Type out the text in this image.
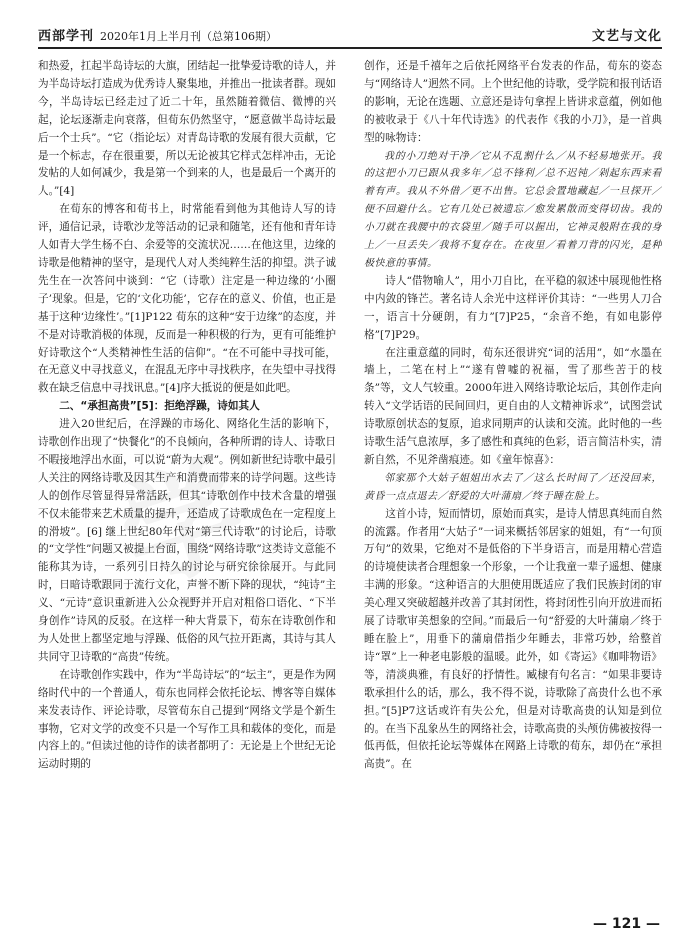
西部学刊 2020年1月上半月刊（总第106期）	文艺与文化

和热爱，扛起半岛诗坛的大旗，团结起一批挚爱诗歌的诗人，并为半岛诗坛打造成为优秀诗人聚集地，并推出一批读者群。现如今，半岛诗坛已经走过了近二十年，虽然随着微信、微博的兴起，论坛逐渐走向衰落，但荀东仍然坚守，“愿意做半岛诗坛最后一个士兵”。“它（指论坛）对青岛诗歌的发展有很大贡献，它是一个标志，存在很重要，所以无论被其它样式怎样冲击，无论发帖的人如何减少，我是第一个到来的人，也是最后一个离开的人。”[4]

在荀东的博客和荀书上，时常能看到他为其他诗人写的诗评，通信记录，诗歌沙龙等活动的记录和随笔，还有他和青年诗人如青大学生杨不白、余爱等的交流状况……在他这里，边缘的诗歌是他精神的坚守，是现代人对人类纯粹生活的抑望。洪子诚先生在一次答问中谈到：“它（诗歌）注定是一种边缘的‘小圈子’现象。但是，它的‘文化功能’，它存在的意义、价值，也正是基于这种‘边缘性’。”[1]P122 荀东的这种“安于边缘”的态度，并不是对诗歌消极的体现，反而是一种积极的行为，更有可能维护好诗歌这个“人类精神性生活的信仰”。“在不可能中寻找可能，在无意义中寻找意义，在混乱无序中寻找秩序，在失望中寻找得救在缺乏信息中寻找讯息。”[4]序大抵说的便是如此吧。

二、“承担高贵”[5]：拒绝浮躁，诗如其人

进入20世纪后，在浮躁的市场化、网络化生活的影响下，诗歌创作出现了“快餐化”的不良倾向，各种所谓的诗人、诗歌日不暇接地浮出水面，可以说“蔚为大观”。例如新世纪诗歌中最引人关注的网络诗歌及因其生产和消费而带来的诗学问题。这些诗人的创作尽管显得异常活跃，但其“诗歌创作中技术含量的增强不仅未能带来艺术质量的提升，还造成了诗歌成色在一定程度上的滑坡”。[6] 继上世纪80年代对“第三代诗歌”的讨论后，诗歌的“文学性”问题又被提上台面，围绕“网络诗歌”这类诗文意能不能称其为诗，一系列引日持久的讨论与研究徐徐展开。与此同时，日暗诗歌跟同于流行文化，声誉不断下降的现状，“纯诗”主义、“元诗”意识重新进入公众视野并开启对粗俗口语化、“下半身创作”诗风的反驳。在这样一种大背景下，荀东在诗歌创作和为人处世上都坚定地与浮躁、低俗的风气拉开距离，其诗与其人共同守卫诗歌的“高贵”传统。

在诗歌创作实践中，作为“半岛诗坛”的“坛主”，更是作为网络时代中的一个普通人，荀东也同样会依托论坛、博客等自媒体来发表诗作、评论诗歌，尽管荀东自己提到“网络文学是个新生事物，它对文学的改变不只是一个写作工具和载体的变化，而是内容上的。”但读过他的诗作的读者都明了：无论是上个世纪无论运动时期的

创作，还是千禧年之后依托网络平台发表的作品，荀东的姿态与“网络诗人”迥然不同。上个世纪他的诗歌，受学院和报刊话语的影响，无论在选题、立意还是诗句拿捏上皆讲求意蕴，例如他的被收录于《八十年代诗选》的代表作《我的小刀》，是一首典型的咏物诗：

我的小刀绝对干净／它从不乱割什么／从不轻易地张开。我的这把小刀已跟从我多年／总不锋利／总不迟钝／剁起东西来看着有声。我从不外借／更不出售。它总会置地藏起／一旦探开／便不回避什么。它有几处已被遗忘／愈发累散而变得切齿。我的小刀就在我腰中的衣袋里／随手可以握出，它神灵般附在我的身上／一旦丢失／我将不复存在。在夜里／看着刀背的闪光，是种极快意的事情。

诗人“借物喻人”，用小刀自比，在平稳的叙述中展现他性格中内敛的锋芒。著名诗人余光中这样评价其诗：“一些男人刀合一，语言十分硬朗，有力”[7]P25，“余音不绝，有如电影停格”[7]P29。

在注重意蕴的同时，荀东还很讲究“词的活用”，如“水墨在墙上，二笔在村上”“遂有曾嘘的祝福，雪了那些苦于的枝条”等，文人气较重。2000年进入网络诗歌论坛后，其创作走向转入“文学话语的民间回归，更自由的人文精神诉求”，试图尝试诗歌原创状态的复原，追求同期声的认读和交流。此时他的一些诗歌生活气息浓厚，多了感性和真纯的色彩，语言简洁朴实，清新自然，不见斧凿痕迹。如《童年惊喜》：

邻家那个大姑子姐姐出水去了／这么长时间了／还没回来，黄昏一点点退去／舒爱的大叶蒲扇／终于睡在脸上。

这首小诗，短而情切，原始而真实，是诗人情思真纯而自然的流露。作者用“大姑子”一词来概括邻居家的姐姐，有“一句顶万句”的效果，它绝对不是低俗的下半身语言，而是用精心营造的诗境使读者合理想象一个形象，一个让我童一辈子遥想、健康丰满的形象。“这种语言的大胆使用既适应了我们民族封闭的审美心理又突破超越并改善了其封闭性，将封闭性引向开放进而拓展了诗歌审美想象的空间。”而最后一句“舒爱的大叶蒲扇／终于睡在脸上”，用垂下的蒲扇借指少年睡去，非常巧妙，给整首诗“罩”上一种老电影般的温暖。此外，如《寄运》《咖啡物语》等，清淡典雅，有良好的抒情性。臧棣有句名言：“如果非要诗歌承担什么的话，那么，我不得不说，诗歌除了高贵什么也不承担。”[5]P7这话或许有失公允，但是对诗歌高贵的认知是到位的。在当下乱象丛生的网络社会，诗歌高贵的头颅仿佛被按得一低再低，但依托论坛等媒体在网路上诗歌的荀东，却仍在“承担高贵”。在

— 121 —
